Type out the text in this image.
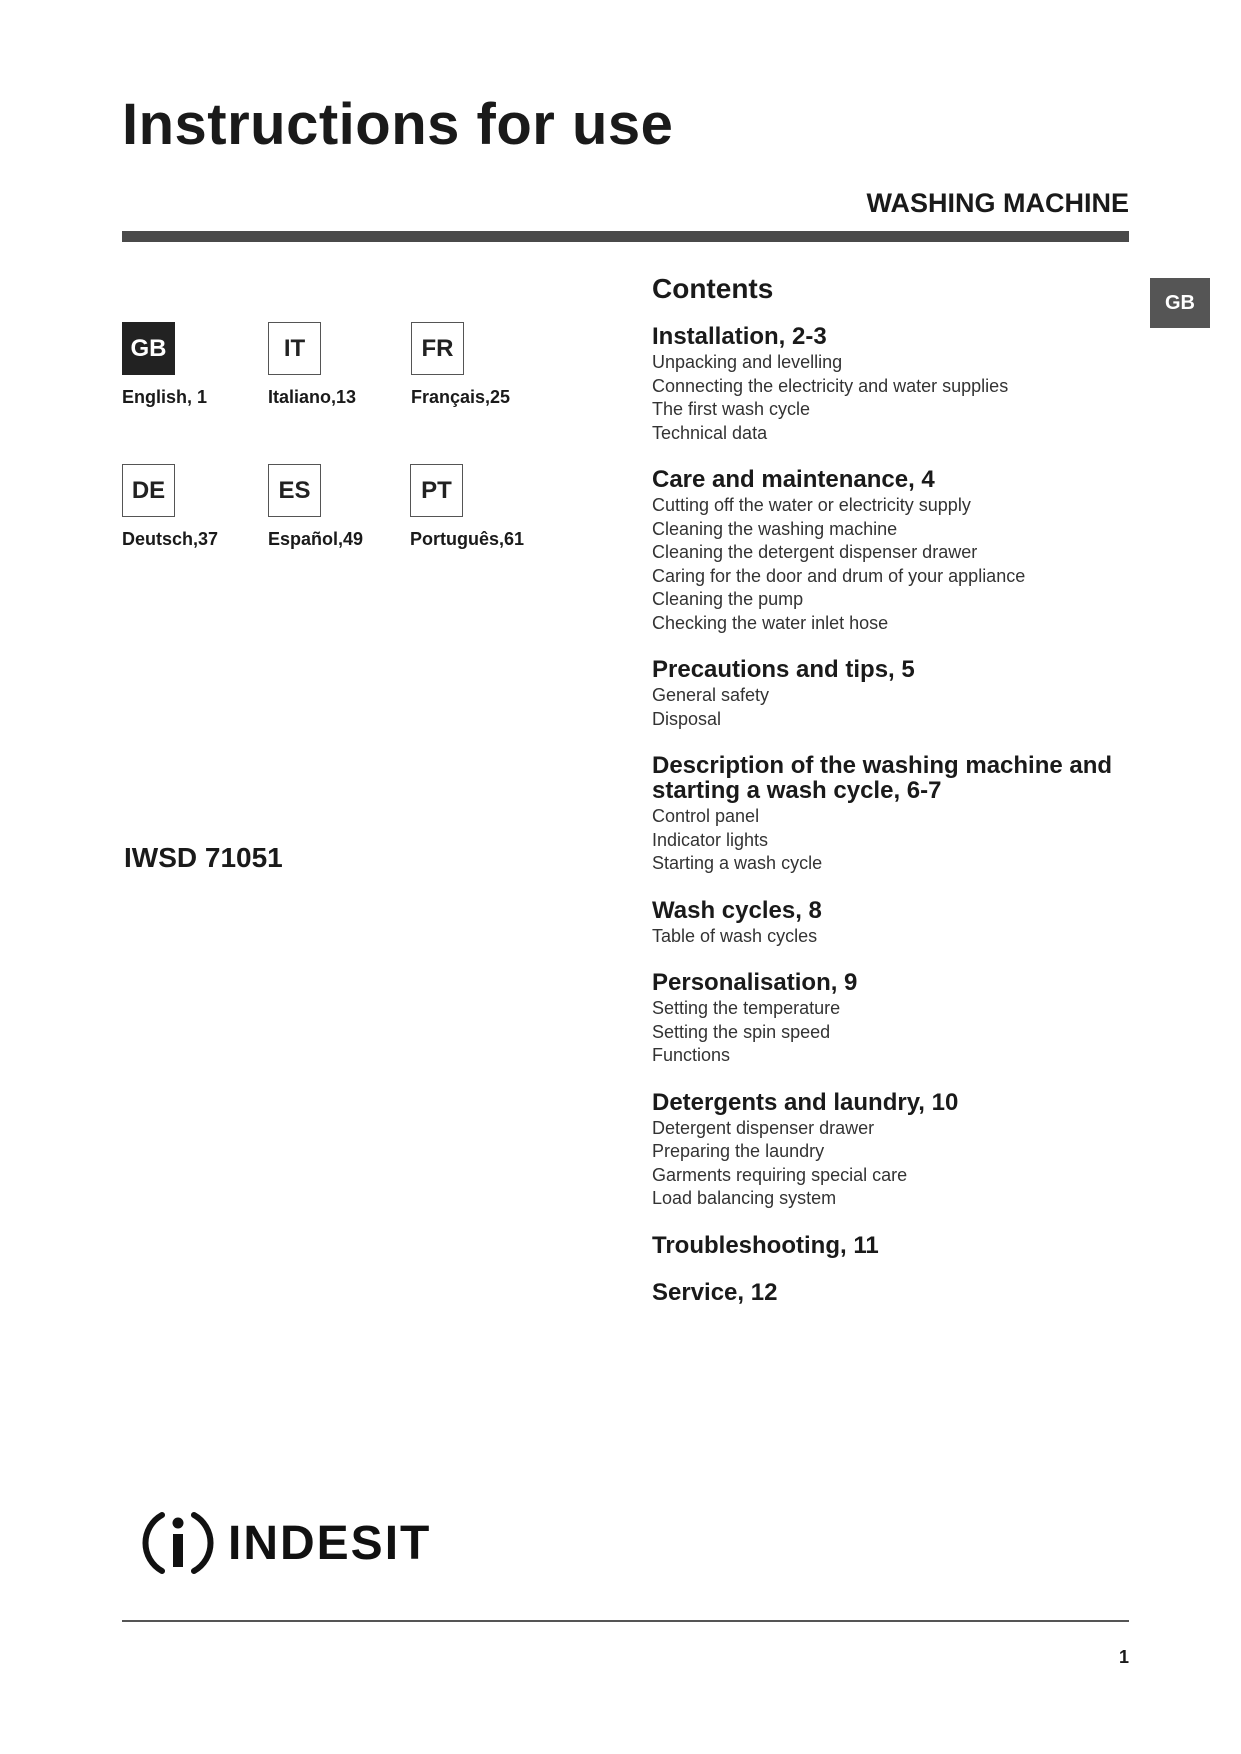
Instructions for use
WASHING MACHINE
GB
GB
English, 1
IT
Italiano,13
FR
Français,25
DE
Deutsch,37
ES
Español,49
PT
Português,61
IWSD 71051
Contents
Installation, 2-3
Unpacking and levelling
Connecting the electricity and water supplies
The first wash cycle
Technical data
Care and maintenance, 4
Cutting off the water or electricity supply
Cleaning the washing machine
Cleaning the detergent dispenser drawer
Caring for the door and drum of your appliance
Cleaning the pump
Checking the water inlet hose
Precautions and tips, 5
General safety
Disposal
Description of the washing machine and starting a wash cycle, 6-7
Control panel
Indicator lights
Starting a wash cycle
Wash cycles, 8
Table of wash cycles
Personalisation, 9
Setting the temperature
Setting the spin speed
Functions
Detergents and laundry, 10
Detergent dispenser drawer
Preparing the laundry
Garments requiring special care
Load balancing system
Troubleshooting, 11
Service, 12
INDESIT
1
